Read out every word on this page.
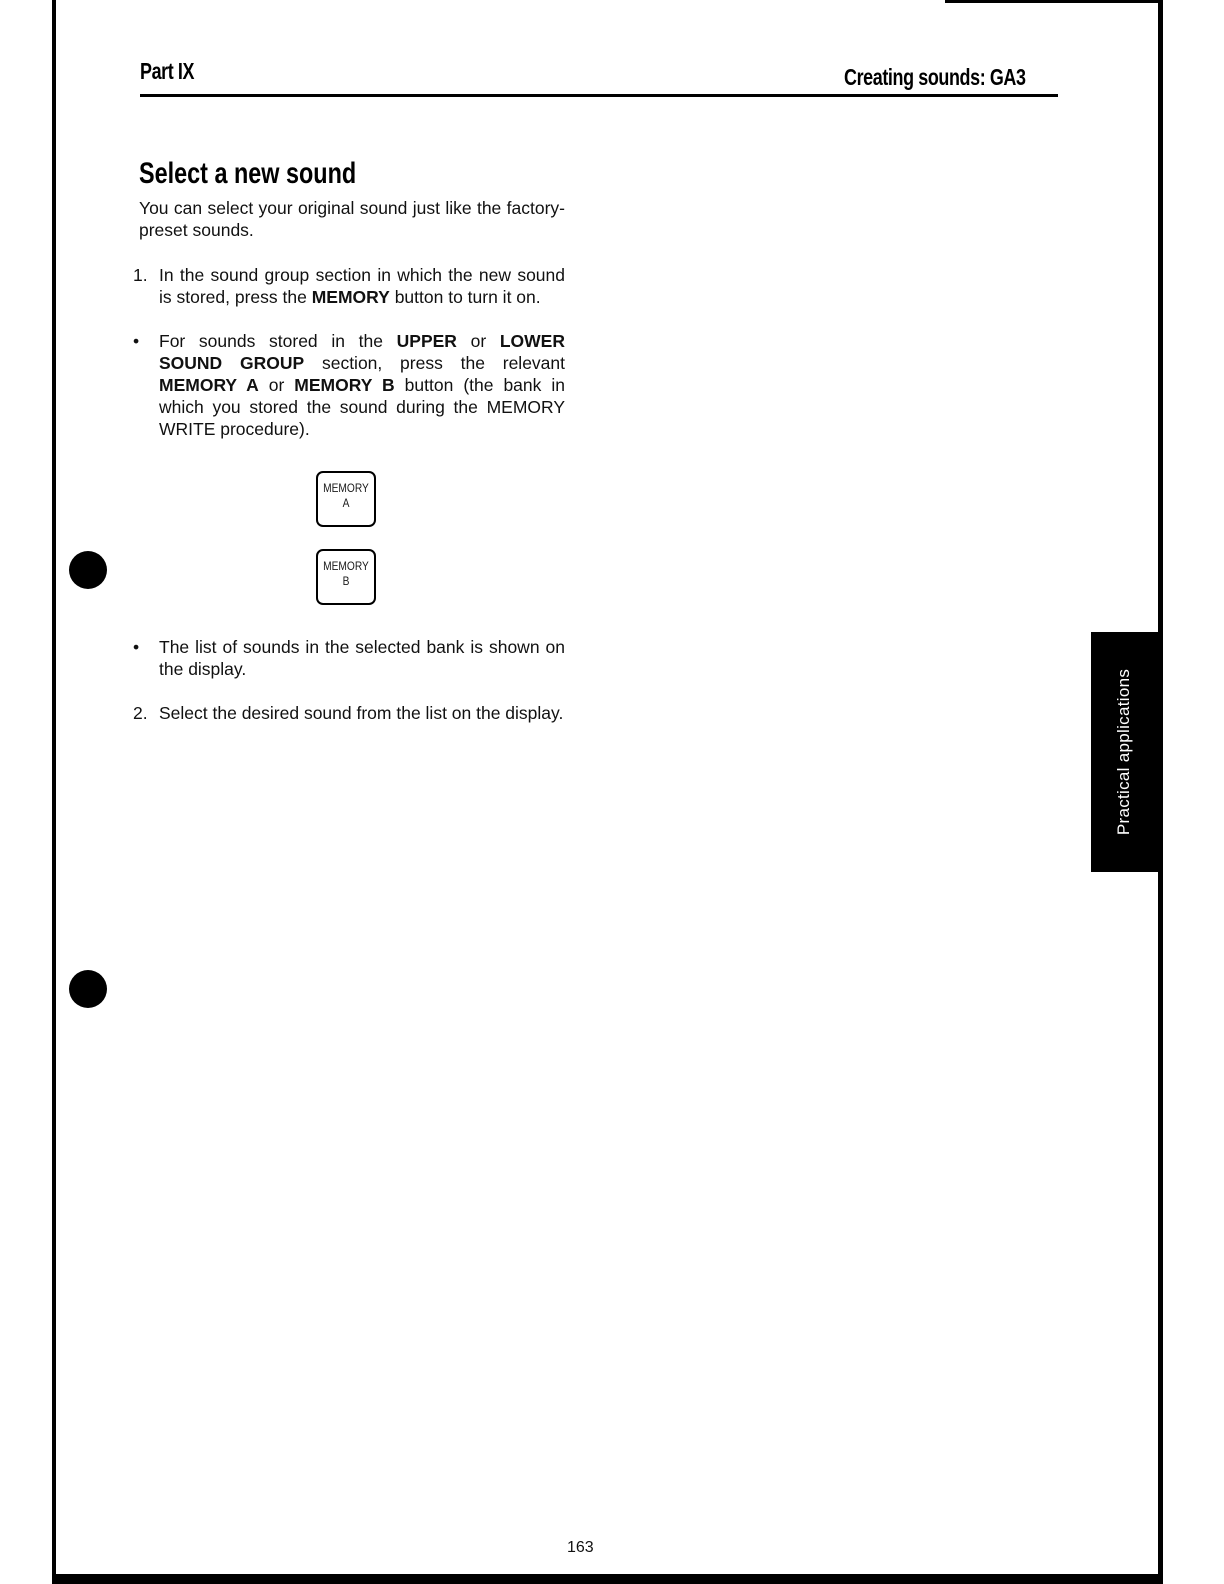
Part IX	Creating sounds: GA3
Select a new sound
You can select your original sound just like the factory-preset sounds.
1. In the sound group section in which the new sound is stored, press the MEMORY button to turn it on.
• For sounds stored in the UPPER or LOWER SOUND GROUP section, press the relevant MEMORY A or MEMORY B button (the bank in which you stored the sound during the MEMORY WRITE procedure).
MEMORY
A
MEMORY
B
• The list of sounds in the selected bank is shown on the display.
2. Select the desired sound from the list on the display.	Practical applications
163
